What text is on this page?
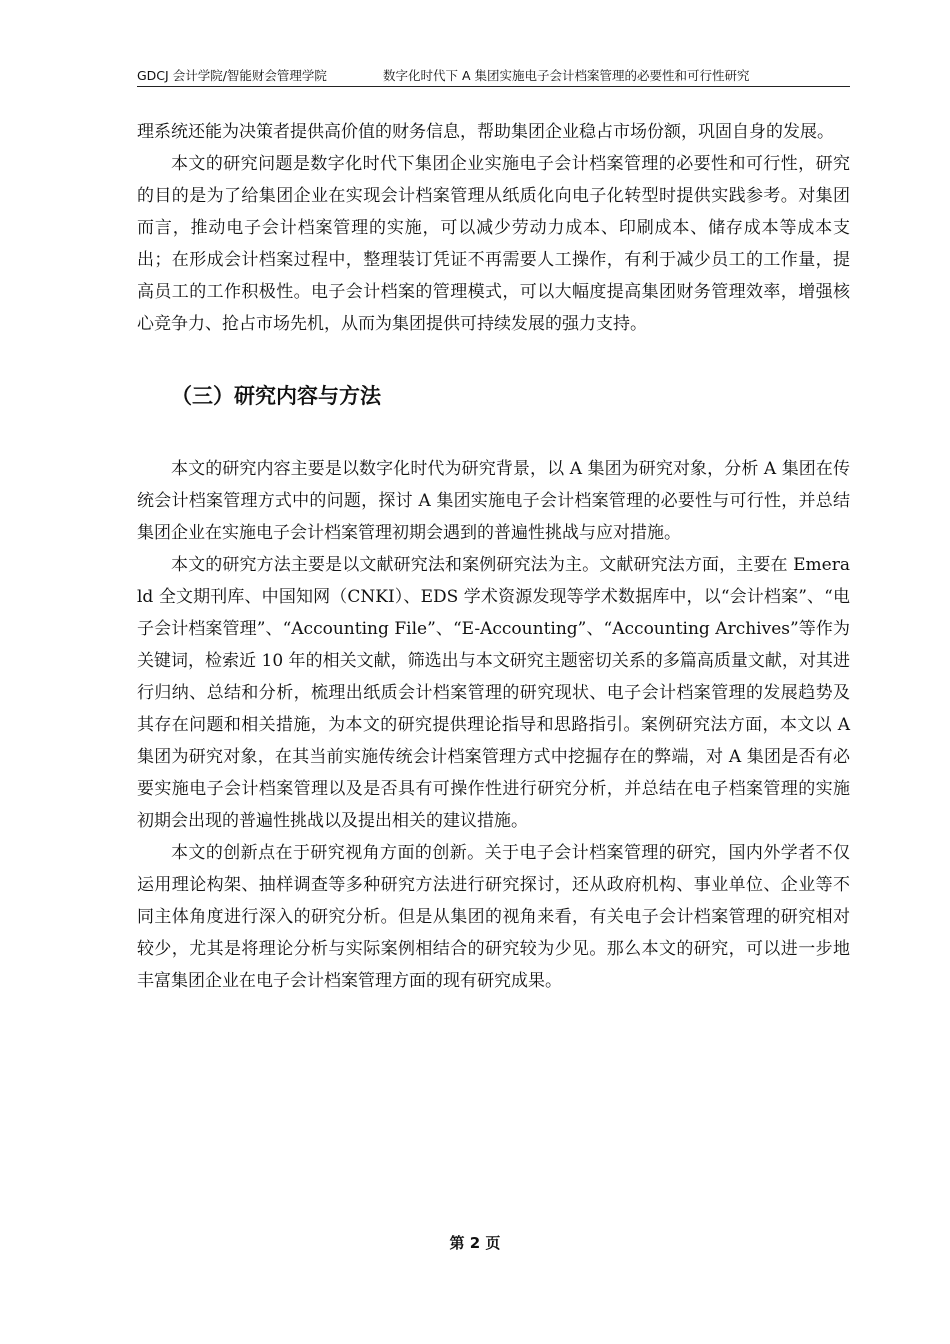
GDCJ 会计学院/智能财会管理学院	数字化时代下 A 集团实施电子会计档案管理的必要性和可行性研究

理系统还能为决策者提供高价值的财务信息，帮助集团企业稳占市场份额，巩固自身的发展。

本文的研究问题是数字化时代下集团企业实施电子会计档案管理的必要性和可行性，研究的目的是为了给集团企业在实现会计档案管理从纸质化向电子化转型时提供实践参考。对集团而言，推动电子会计档案管理的实施，可以减少劳动力成本、印刷成本、储存成本等成本支出；在形成会计档案过程中，整理装订凭证不再需要人工操作，有利于减少员工的工作量，提高员工的工作积极性。电子会计档案的管理模式，可以大幅度提高集团财务管理效率，增强核心竞争力、抢占市场先机，从而为集团提供可持续发展的强力支持。

（三）研究内容与方法

本文的研究内容主要是以数字化时代为研究背景，以 A 集团为研究对象，分析 A 集团在传统会计档案管理方式中的问题，探讨 A 集团实施电子会计档案管理的必要性与可行性，并总结集团企业在实施电子会计档案管理初期会遇到的普遍性挑战与应对措施。

本文的研究方法主要是以文献研究法和案例研究法为主。文献研究法方面，主要在 Emerald 全文期刊库、中国知网（CNKI）、EDS 学术资源发现等学术数据库中，以“会计档案”、“电子会计档案管理”、“Accounting File”、“E-Accounting”、“Accounting Archives”等作为关键词，检索近 10 年的相关文献，筛选出与本文研究主题密切关系的多篇高质量文献，对其进行归纳、总结和分析，梳理出纸质会计档案管理的研究现状、电子会计档案管理的发展趋势及其存在问题和相关措施，为本文的研究提供理论指导和思路指引。案例研究法方面，本文以 A 集团为研究对象，在其当前实施传统会计档案管理方式中挖掘存在的弊端，对 A 集团是否有必要实施电子会计档案管理以及是否具有可操作性进行研究分析，并总结在电子档案管理的实施初期会出现的普遍性挑战以及提出相关的建议措施。

本文的创新点在于研究视角方面的创新。关于电子会计档案管理的研究，国内外学者不仅运用理论构架、抽样调查等多种研究方法进行研究探讨，还从政府机构、事业单位、企业等不同主体角度进行深入的研究分析。但是从集团的视角来看，有关电子会计档案管理的研究相对较少，尤其是将理论分析与实际案例相结合的研究较为少见。那么本文的研究，可以进一步地丰富集团企业在电子会计档案管理方面的现有研究成果。

第 2 页
